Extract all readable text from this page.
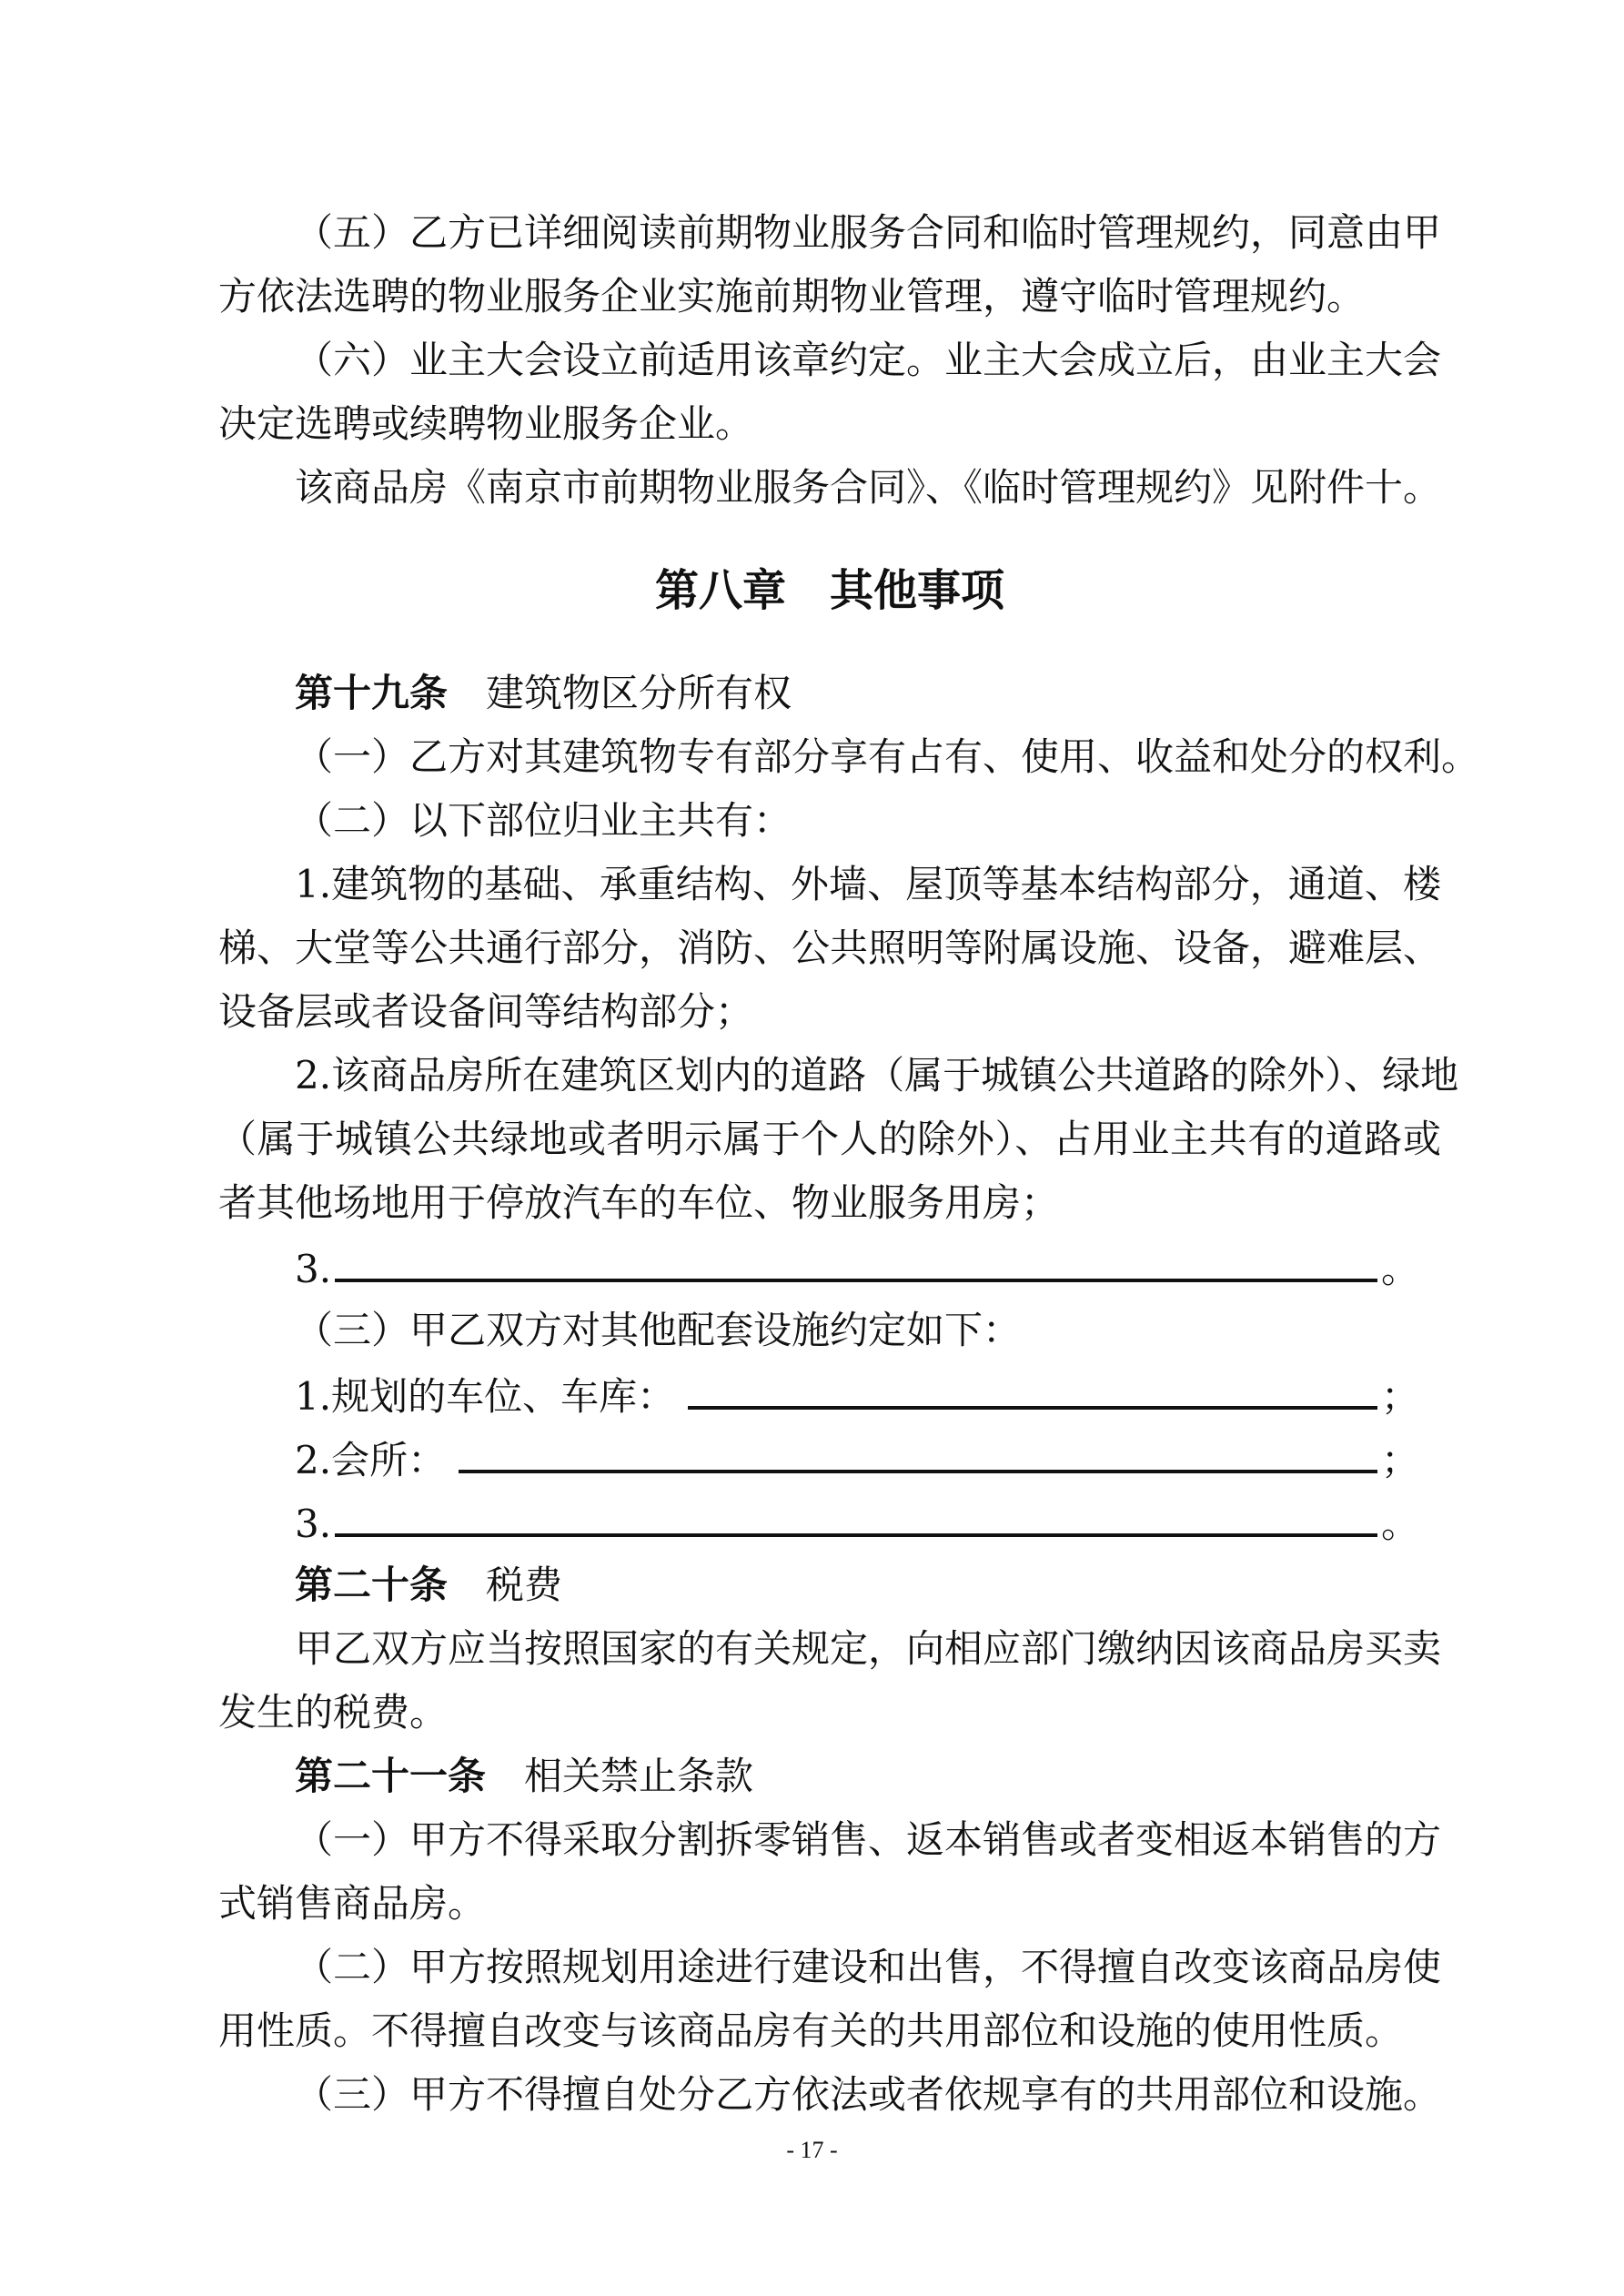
（五）乙方已详细阅读前期物业服务合同和临时管理规约，同意由甲
方依法选聘的物业服务企业实施前期物业管理，遵守临时管理规约。
（六）业主大会设立前适用该章约定。业主大会成立后，由业主大会
决定选聘或续聘物业服务企业。
该商品房《南京市前期物业服务合同》、《临时管理规约》见附件十。
第八章　其他事项
第十九条 建筑物区分所有权
（一）乙方对其建筑物专有部分享有占有、使用、收益和处分的权利。
（二）以下部位归业主共有：
1.建筑物的基础、承重结构、外墙、屋顶等基本结构部分，通道、楼
梯、大堂等公共通行部分，消防、公共照明等附属设施、设备，避难层、
设备层或者设备间等结构部分；
2.该商品房所在建筑区划内的道路（属于城镇公共道路的除外）、绿地
（属于城镇公共绿地或者明示属于个人的除外）、占用业主共有的道路或
者其他场地用于停放汽车的车位、物业服务用房；
3.	。
（三）甲乙双方对其他配套设施约定如下：
1.规划的车位、车库：	；
2.会所：	；
3.	。
第二十条 税费
甲乙双方应当按照国家的有关规定，向相应部门缴纳因该商品房买卖
发生的税费。
第二十一条 相关禁止条款
（一）甲方不得采取分割拆零销售、返本销售或者变相返本销售的方
式销售商品房。
（二）甲方按照规划用途进行建设和出售，不得擅自改变该商品房使
用性质。不得擅自改变与该商品房有关的共用部位和设施的使用性质。
（三）甲方不得擅自处分乙方依法或者依规享有的共用部位和设施。
- 17 -
